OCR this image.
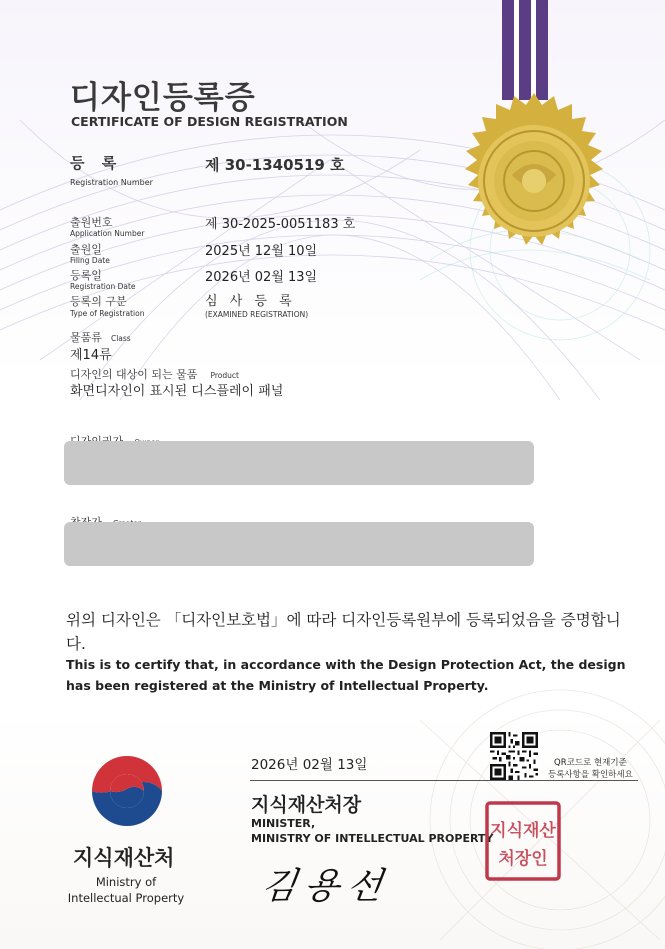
디자인등록증
CERTIFICATE OF DESIGN REGISTRATION
등 록
Registration Number
제 30-1340519 호
출원번호
Application Number
제 30-2025-0051183 호
출원일
Filing Date
2025년 12월 10일
등록일
Registration Date
2026년 02월 13일
등록의 구분
Type of Registration
심 사 등 록
(EXAMINED REGISTRATION)
물품류 Class
제14류
디자인의 대상이 되는 물품 Product
화면디자인이 표시된 디스플레이 패널
위의 디자인은 「디자인보호법」에 따라 디자인등록원부에 등록되었음을 증명합니다.
This is to certify that, in accordance with the Design Protection Act, the design has been registered at the Ministry of Intellectual Property.
지식재산처
Ministry of Intellectual Property
2026년 02월 13일
지식재산처장
MINISTER,
MINISTRY OF INTELLECTUAL PROPERTY
QR코드로 현재기준
등록사항을 확인하세요
지식재산
처장인
김용선
